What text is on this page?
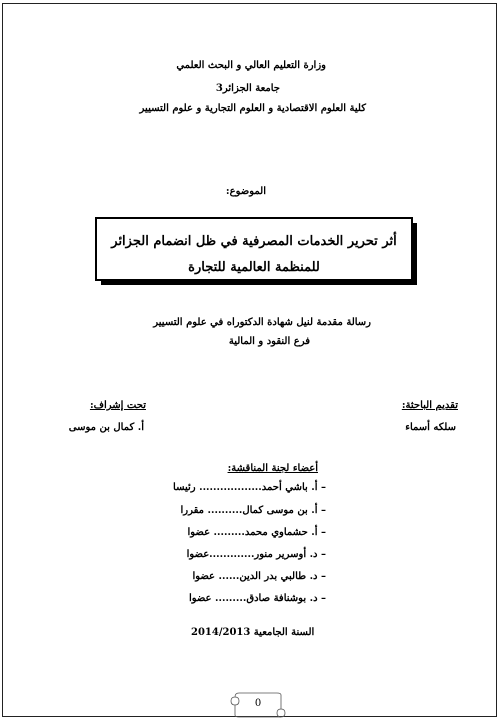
وزارة التعليم العالي و البحث العلمي
جامعة الجزائر3
كلية العلوم الاقتصادية و العلوم التجارية و علوم التسيير
الموضوع:
أثر تحرير الخدمات المصرفية في ظل انضمام الجزائر للمنظمة العالمية للتجارة
رسالة مقدمة لنيل شهادة الدكتوراه في علوم التسيير
فرع النقود و المالية
تقديم الباحثة:
تحت إشراف:
سلكه أسماء
أ. كمال بن موسى
أعضاء لجنة المناقشة:
– أ. باشي أحمد.................. رئيسا
– أ. بن موسى كمال.......... مقررا
– أ. حشماوي محمد......... عضوا
– د. أوسرير منور.............عضوا
– د. طالبي بدر الدين...... عضوا
– د. بوشنافة صادق......... عضوا
السنة الجامعية 2014/2013
0
